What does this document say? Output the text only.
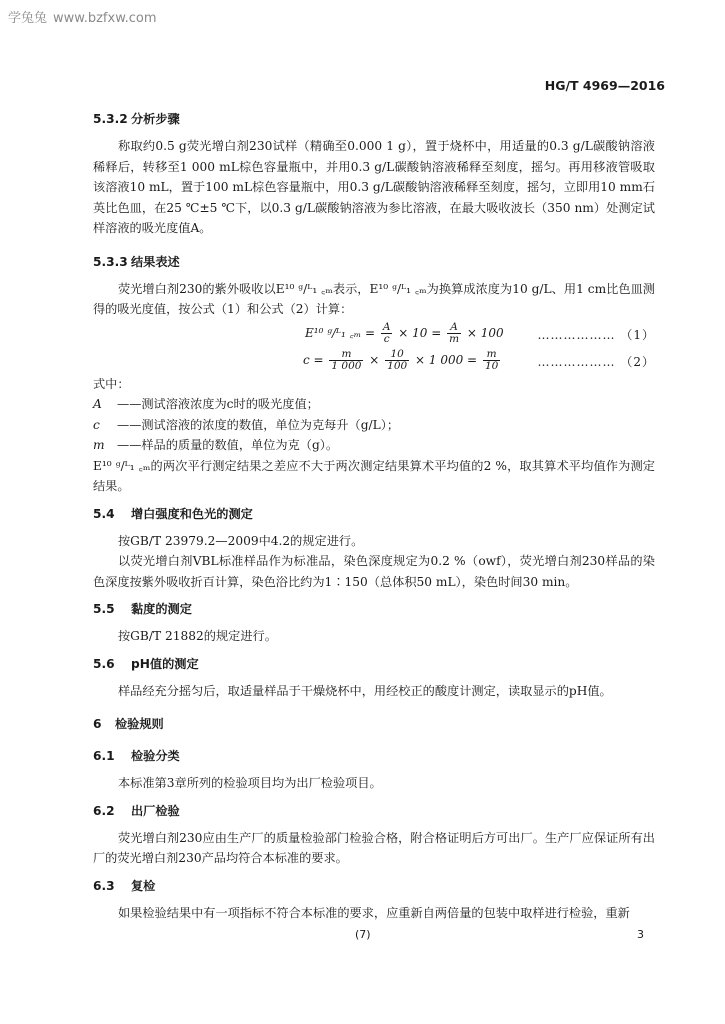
学兔兔 www.bzfxw.com
HG/T 4969—2016
5.3.2 分析步骤

称取约0.5 g荧光增白剂230试样（精确至0.000 1 g），置于烧杯中，用适量的0.3 g/L碳酸钠溶液稀释后，转移至1 000 mL棕色容量瓶中，并用0.3 g/L碳酸钠溶液稀释至刻度，摇匀。再用移液管吸取该溶液10 mL，置于100 mL棕色容量瓶中，用0.3 g/L碳酸钠溶液稀释至刻度，摇匀，立即用10 mm石英比色皿，在25 ℃±5 ℃下，以0.3 g/L碳酸钠溶液为参比溶液，在最大吸收波长（350 nm）处测定试样溶液的吸光度值A。

5.3.3 结果表述

荧光增白剂230的紫外吸收以E¹⁰ ᵍ/ᴸ₁ ꜀ₘ表示，E¹⁰ ᵍ/ᴸ₁ ꜀ₘ为换算成浓度为10 g/L、用1 cm比色皿测得的吸光度值，按公式（1）和公式（2）计算：

E¹⁰ ᵍ/ᴸ₁ ꜀ₘ = $\frac{A}{c} \times 10 = \frac{A}{m} \times 100$	……………… （1）
$c = \frac{m}{1 000} \times \frac{10}{100} \times 1$ $000 = \frac{m}{10}$	……………… （2）

式中：

A	——测试溶液浓度为c时的吸光度值；
c	——测试溶液的浓度的数值，单位为克每升（g/L）；
m	——样品的质量的数值，单位为克（g）。

E¹⁰ ᵍ/ᴸ₁ ꜀ₘ的两次平行测定结果之差应不大于两次测定结果算术平均值的2 %，取其算术平均值作为测定结果。

5.4 增白强度和色光的测定

按GB/T 23979.2—2009中4.2的规定进行。

以荧光增白剂VBL标准样品作为标准品，染色深度规定为0.2 %（owf），荧光增白剂230样品的染色深度按紫外吸收折百计算，染色浴比约为1∶150（总体积50 mL），染色时间30 min。

5.5 黏度的测定

按GB/T 21882的规定进行。

5.6 pH值的测定

样品经充分摇匀后，取适量样品于干燥烧杯中，用经校正的酸度计测定，读取显示的pH值。

6 检验规则
6.1 检验分类

本标准第3章所列的检验项目均为出厂检验项目。

6.2 出厂检验

荧光增白剂230应由生产厂的质量检验部门检验合格，附合格证明后方可出厂。生产厂应保证所有出厂的荧光增白剂230产品均符合本标准的要求。

6.3 复检

如果检验结果中有一项指标不符合本标准的要求，应重新自两倍量的包装中取样进行检验，重新

(7)	3
